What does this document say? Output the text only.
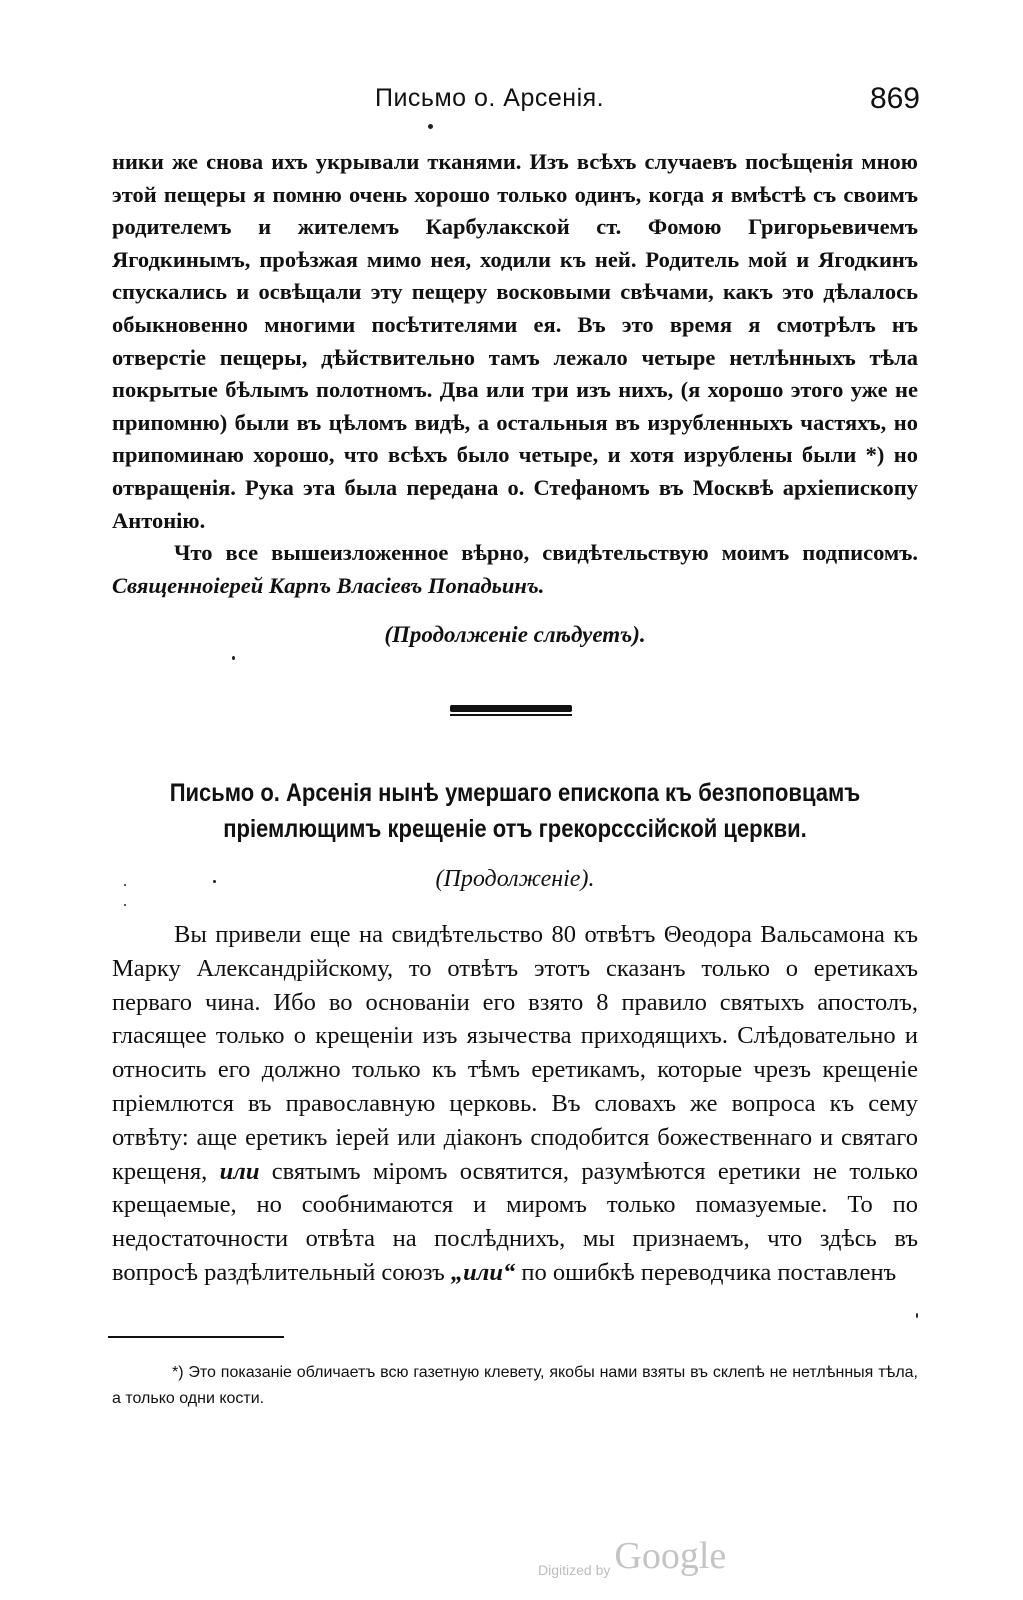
Письмо о. Арсенія.	869

ники же снова ихъ укрывали тканями. Изъ всѣхъ случаевъ посѣщенія мною этой пещеры я помню очень хорошо только одинъ, когда я вмѣстѣ съ своимъ родителемъ и жителемъ Карбулакской ст. Фомою Григорьевичемъ Ягодкинымъ, проѣзжая мимо нея, ходили къ ней. Родитель мой и Ягодкинъ спускались и освѣщали эту пещеру восковыми свѣчами, какъ это дѣлалось обыкновенно многими посѣтителями ея. Въ это время я смотрѣлъ нъ отверстіе пещеры, дѣйствительно тамъ лежало четыре нетлѣнныхъ тѣла покрытые бѣлымъ полотномъ. Два или три изъ нихъ, (я хорошо этого уже не припомню) были въ цѣломъ видѣ, а остальныя въ изрубленныхъ частяхъ, но припоминаю хорошо, что всѣхъ было четыре, и хотя изрублены были *) но отвращенія. Рука эта была передана о. Стефаномъ въ Москвѣ архіепископу Антонію.

Что все вышеизложенное вѣрно, свидѣтельствую моимъ подписомъ. Священноіерей Карпъ Власіевъ Попадьинъ.

(Продолженіе слѣдуетъ).
Письмо о. Арсенія нынѣ умершаго епископа къ безпоповцамъ
пріемлющимъ крещеніе отъ грекорсссійской церкви.
(Продолженіе).

Вы привели еще на свидѣтельство 80 отвѣтъ Θеодора Вальсамона къ Марку Александрійскому, то отвѣтъ этотъ сказанъ только о еретикахъ перваго чина. Ибо во основаніи его взято 8 правило святыхъ апостолъ, гласящее только о крещеніи изъ язычества приходящихъ. Слѣдовательно и относить его должно только къ тѣмъ еретикамъ, которые чрезъ крещеніе пріемлются въ православную церковь. Въ словахъ же вопроса къ сему отвѣту: аще еретикъ іерей или діаконъ сподобится божественнаго и святаго крещеня, или святымъ міромъ освятится, разумѣются еретики не только крещаемые, но сообнимаются и миромъ только помазуемые. То по недостаточности отвѣта на послѣднихъ, мы признаемъ, что здѣсь въ вопросѣ раздѣлительный союзъ „или“ по ошибкѣ переводчика поставленъ

*) Это показаніе обличаетъ всю газетную клевету, якобы нами взяты въ склепѣ не нетлѣнныя тѣла, а только одни кости.

Digitized by Google
